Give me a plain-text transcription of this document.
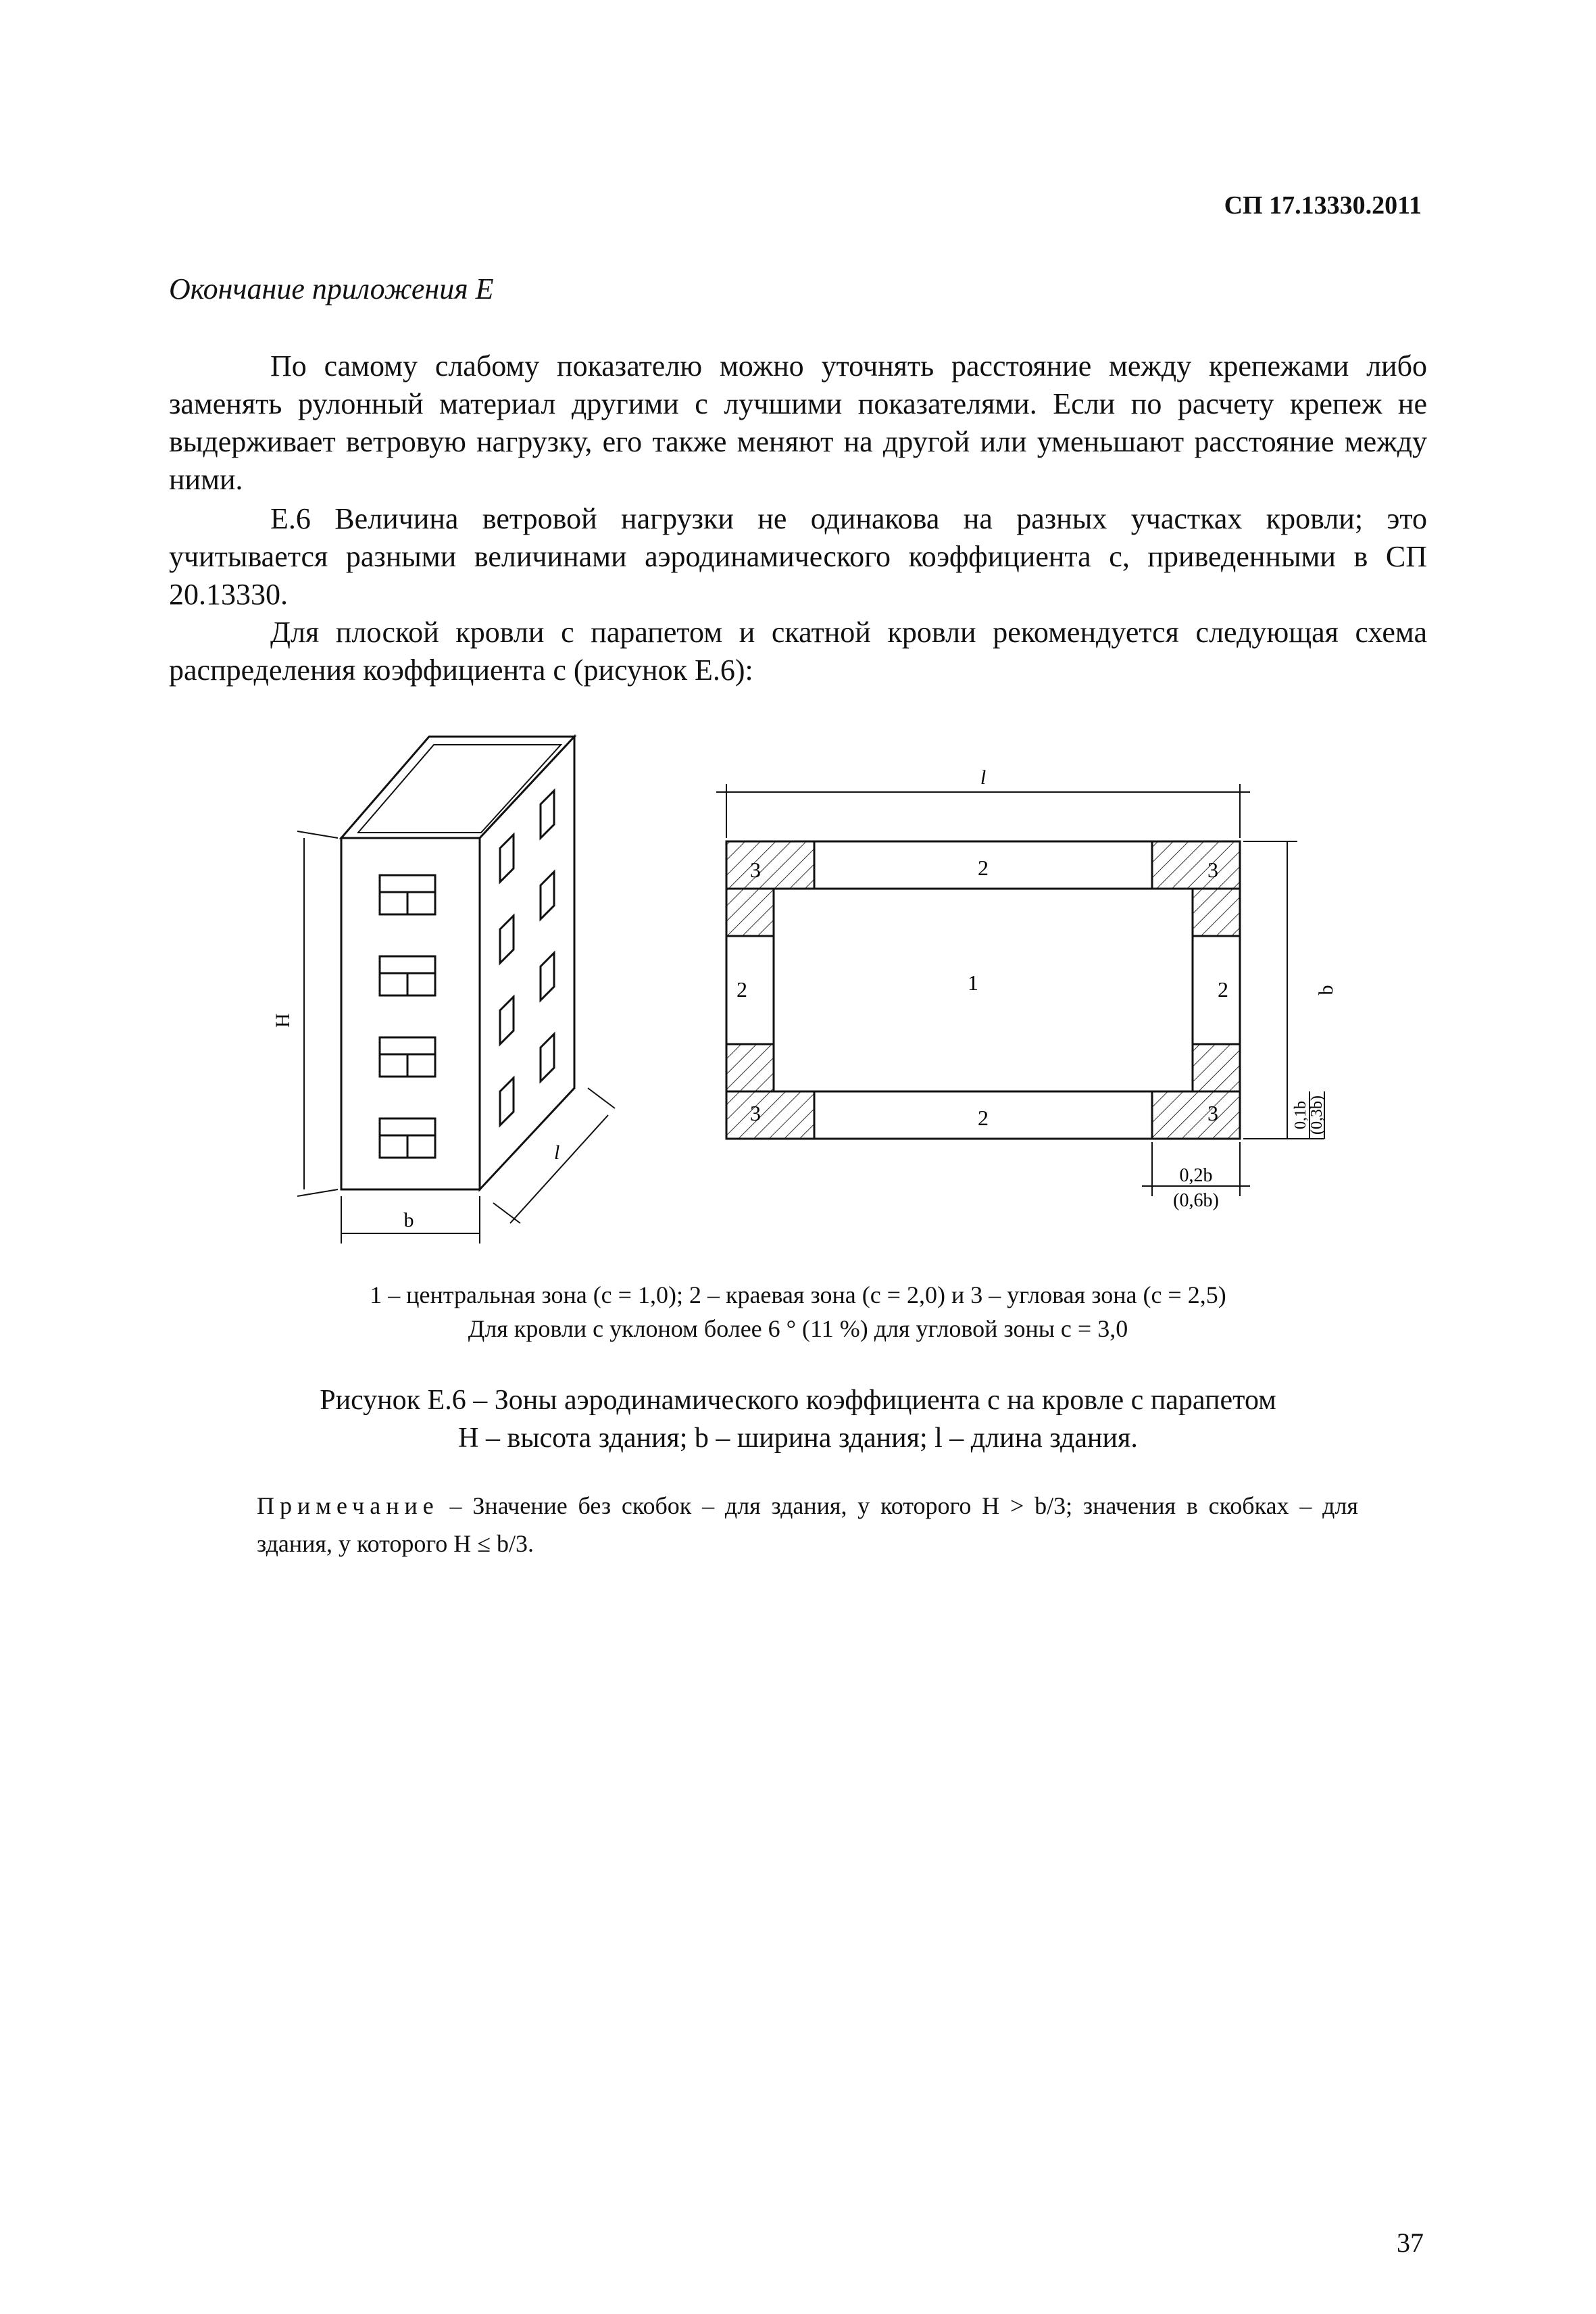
СП 17.13330.2011
Окончание приложения Е

По самому слабому показателю можно уточнять расстояние между крепежами либо заменять рулонный материал другими с лучшими показателями. Если по расчету крепеж не выдерживает ветровую нагрузку, его также меняют на другой или уменьшают расстояние между ними.

Е.6 Величина ветровой нагрузки не одинакова на разных участках кровли; это учитывается разными величинами аэродинамического коэффициента c, приведенными в СП 20.13330.

Для плоской кровли с парапетом и скатной кровли рекомендуется следующая схема распределения коэффициента c (рисунок Е.6):

H
b
l
l
b
2
2
2	2
1
3	3
3	3	0,1b
(0,3b)
0,2b
(0,6b)
1 – центральная зона (c = 1,0); 2 – краевая зона (c = 2,0) и 3 – угловая зона (c = 2,5)
Для кровли с уклоном более 6 ° (11 %) для угловой зоны c = 3,0
Рисунок Е.6 – Зоны аэродинамического коэффициента c на кровле с парапетом
H – высота здания; b – ширина здания; l – длина здания.

Примечание – Значение без скобок – для здания, у которого H > b/3; значения в скобках – для здания, у которого H ≤ b/3.

37
